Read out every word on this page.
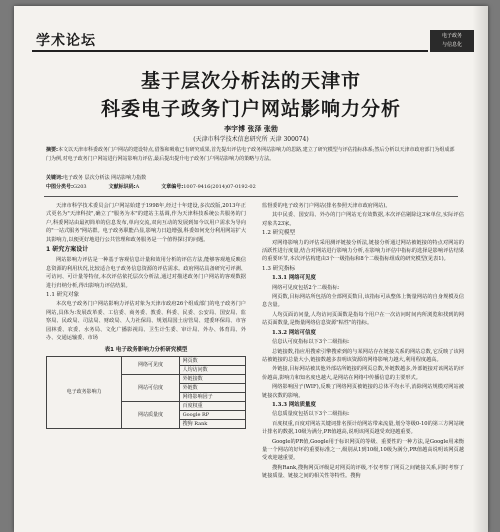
学术论坛	电子政务
与信息化
基于层次分析法的天津市
科委电子政务门户网站影响力分析
李宇博 张泽 张勃
(天津市科学技术信息研究所 天津 300074)
摘要:本文以天津市科委政务门户网站的建设特点,借鉴和吸收已有研究成果,首先提出评估电子政务网站影响力的思路,建立了研究模型与评估指标体系;然后分析以天津市政府部门为组成部门为例,对电子政务门户网站进行网站影响力评估,最后提出提升电子政务门户网站影响力的策略与方法。
关键词:电子政务 层次分析法 网站影响力指数
中图分类号:G203	文献标识码:A	文章编号:1007-9416(2014)07-0192-02

天津市科学技术委员会门户网站始建于1998年,经过十年建设,多次改版,2013年正式更名为"天津科技",确立了"服务为本"的建站主基调,作为天津科技系统公共服务的门户,科委网站由最初简单的信息发布,单向交流,双向互动的发展到如今以用户需求为导向的"一站式服务"网站群。电子政务职能凸显,影响力日趋增强,科委如何充分利用网站扩大其影响力,以便更好地进行公共管理和政务服务是一个值得探讨的问题。

1 研究方案设计

网站影响力评估是一种基于客观信息计量和效用分析的评估方法,能够客观地反映信息资源的利用状况,比较适合电子政务信息资源的评估需求。政府网站具备研究可评测、可访问、可计量等特征,本次评估依托层次分析法,通过对描述政务门户网站的客观数据进行归纳分析,得出影响力评估结果。

1.1 研究对象

本次电子政务门户网站影响力评估对象为天津市政府26个组成部门的电子政务门户网站,具体为:发展改革委、工信委、商务委、教委、科委、民委、公安局、国安局、监察局、民政局、司法局、财政局、人力社保局、规划局国土房管局、建委环保局、市容园林委、农委、水务局、文化广播影视局、卫生计生委、审计局、外办、体育局、外办、交通运输委、市场

表1 电子政务影响力分析研究模型
电子政务影响力	网络可见度	网页数
		人均访问数
	网站可信度	外链接数
		外链数
		网络影响因子
	网站质量度	百度权重
		Google RP
		搜狗 Rank

监督委的电子政务门户网站(排名参照天津市政府网站)。

其中民委、国安局、外办的门户网站无有效数据,本次评估剔除这3家单位,实际评估对象共23家。

1.2 研究模型

对网络影响力的评估采用测评链接分析法,链接分析通过网站被链接的特点对网站的活跃性进行度量,结合对网站进行影响力分析,在影响力评估中指标的选择是影响评估结果的重要环节,本次评估构建由3个一级指标和8个二级指标组成的研究模型(见表1)。

1.3 研究指标
1.3.1 网络可见度

网络可见度包括2个二级指标:

网页数,目标网站所包括的全部网页数目,该指标可从整体上衡量网站的自身规模及信息含量。

人均页面访问量,人均访问页面数是指每个用户在一次访问时间内所浏览和找到的网站页面数量,是衡量网络信息资源"粘性"的指标。

1.3.2 网站可信度

信息认可度指标以下3个二级指标:

总链接数,指应用搜索引擎搜索到的与某网站存在链接关系的网站总数,它反映了该网站被链接的总量大小,链接数越多表明该资源的网络影响力越大,利用程度越高。

外链接,目标网站被其他外部站所链接的网页总数,外链数越多,外部链接对该网站的评价越高,影响力和知名度也越大,是网站在网络中传播信息的主要形式。

网络影响因子(WIF),反映了网络网页被链接的总体平均水平,消除网站规模对网站被链接次数的影响。

1.3.3 网站质量度

信息质量度包括以下3个二级指标:

百度权重,百度对网站关键词排名预计给网站带来流量,划分等级0-10的第三方网站统计排名的数据,10级为满分,PR值越高,说明该网页越受欢迎越重要。

Google的PR值,Google用于标识网页的等级、重要性的一种方法,是Google用来衡量一个网站的好坏的重要标准之一,级别从1到10级,10级为满分,PR值越高说明该网页越受欢迎越重要。

搜狗Rank,搜狗网页评级是对网页的评级,不仅考察了网页之间链接关系,同时考察了链接质量、链接之间的相关性等特性。搜狗
